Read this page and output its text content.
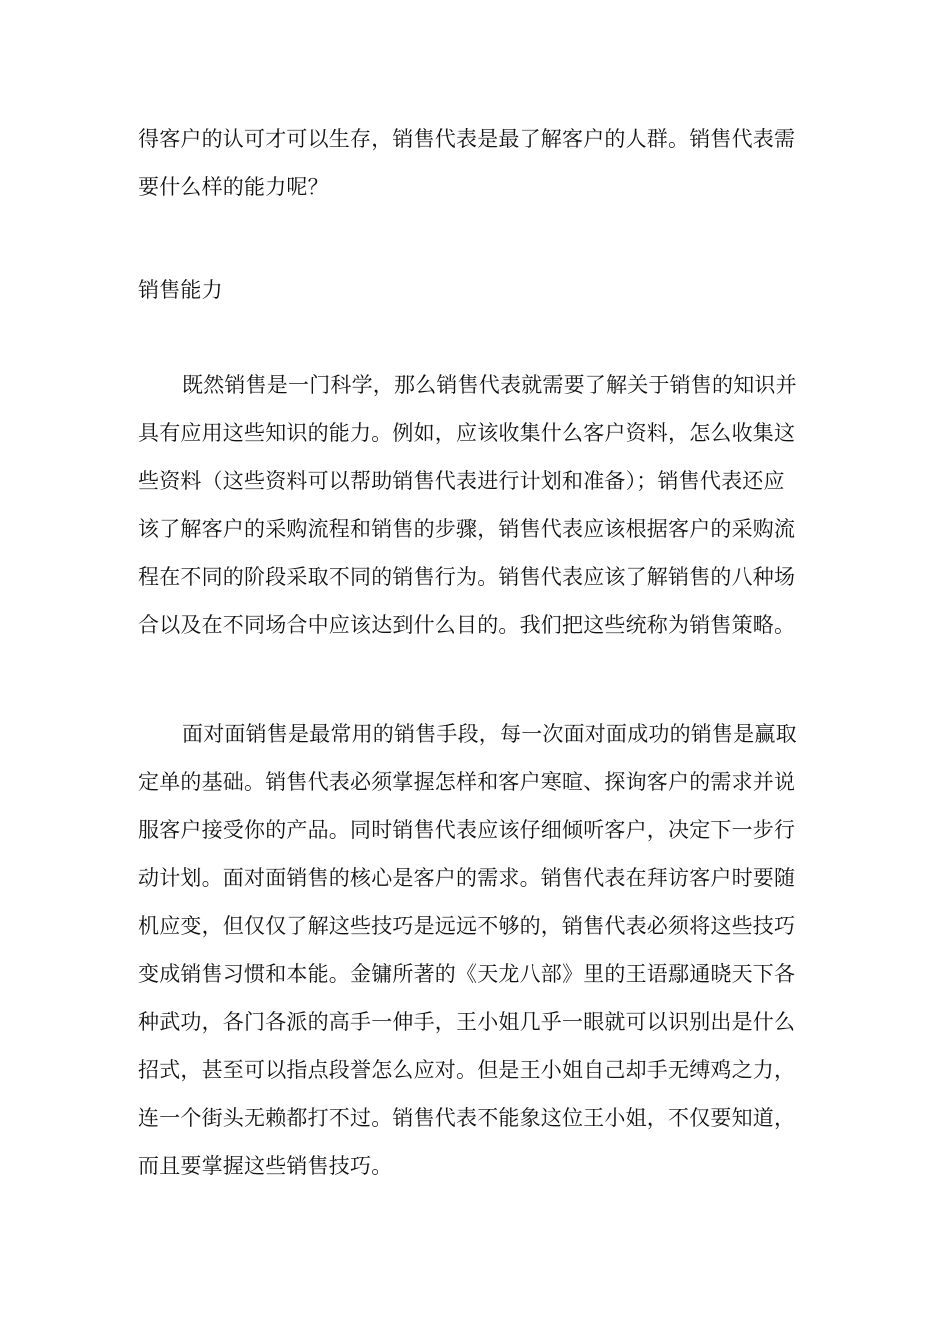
得客户的认可才可以生存，销售代表是最了解客户的人群。销售代表需
要什么样的能力呢？
销售能力
既然销售是一门科学，那么销售代表就需要了解关于销售的知识并
具有应用这些知识的能力。例如，应该收集什么客户资料，怎么收集这
些资料（这些资料可以帮助销售代表进行计划和准备）；销售代表还应
该了解客户的采购流程和销售的步骤，销售代表应该根据客户的采购流
程在不同的阶段采取不同的销售行为。销售代表应该了解销售的八种场
合以及在不同场合中应该达到什么目的。我们把这些统称为销售策略。
面对面销售是最常用的销售手段，每一次面对面成功的销售是赢取
定单的基础。销售代表必须掌握怎样和客户寒暄、探询客户的需求并说
服客户接受你的产品。同时销售代表应该仔细倾听客户，决定下一步行
动计划。面对面销售的核心是客户的需求。销售代表在拜访客户时要随
机应变，但仅仅了解这些技巧是远远不够的，销售代表必须将这些技巧
变成销售习惯和本能。金镛所著的《天龙八部》里的王语鄢通晓天下各
种武功，各门各派的高手一伸手，王小姐几乎一眼就可以识别出是什么
招式，甚至可以指点段誉怎么应对。但是王小姐自己却手无缚鸡之力，
连一个街头无赖都打不过。销售代表不能象这位王小姐，不仅要知道，
而且要掌握这些销售技巧。
